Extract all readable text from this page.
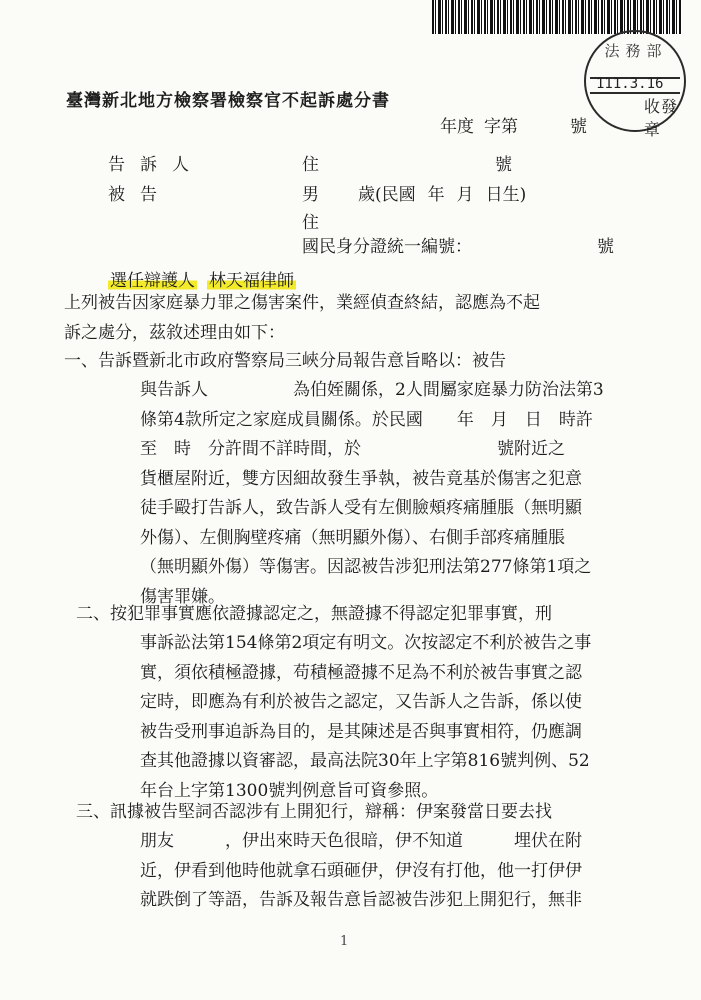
法務部
111.3.16
收發章
臺灣新北地方檢察署檢察官不起訴處分書
年度 字第	號
告訴人	住	號
被告	男 歲(民國 年 月 日生)
住
國民身分證統一編號：	號
選任辯護人 林天福律師
上列被告因家庭暴力罪之傷害案件，業經偵查終結，認應為不起
訴之處分，茲敘述理由如下：
一、告訴暨新北市政府警察局三峽分局報告意旨略以：被告
與告訴人　　　　　為伯姪關係，2人間屬家庭暴力防治法第3
條第4款所定之家庭成員關係。於民國　　年　月　日　時許
至　時　分許間不詳時間，於　　　　　　　　號附近之
貨櫃屋附近，雙方因細故發生爭執，被告竟基於傷害之犯意
徒手毆打告訴人，致告訴人受有左側臉頰疼痛腫脹（無明顯
外傷）、左側胸壁疼痛（無明顯外傷）、右側手部疼痛腫脹
（無明顯外傷）等傷害。因認被告涉犯刑法第277條第1項之
傷害罪嫌。
二、按犯罪事實應依證據認定之，無證據不得認定犯罪事實，刑
事訴訟法第154條第2項定有明文。次按認定不利於被告之事
實，須依積極證據，苟積極證據不足為不利於被告事實之認
定時，即應為有利於被告之認定，又告訴人之告訴，係以使
被告受刑事追訴為目的，是其陳述是否與事實相符，仍應調
查其他證據以資審認，最高法院30年上字第816號判例、52
年台上字第1300號判例意旨可資參照。
三、訊據被告堅詞否認涉有上開犯行，辯稱：伊案發當日要去找
朋友　　　，伊出來時天色很暗，伊不知道　　　埋伏在附
近，伊看到他時他就拿石頭砸伊，伊沒有打他，他一打伊伊
就跌倒了等語，告訴及報告意旨認被告涉犯上開犯行，無非
1
